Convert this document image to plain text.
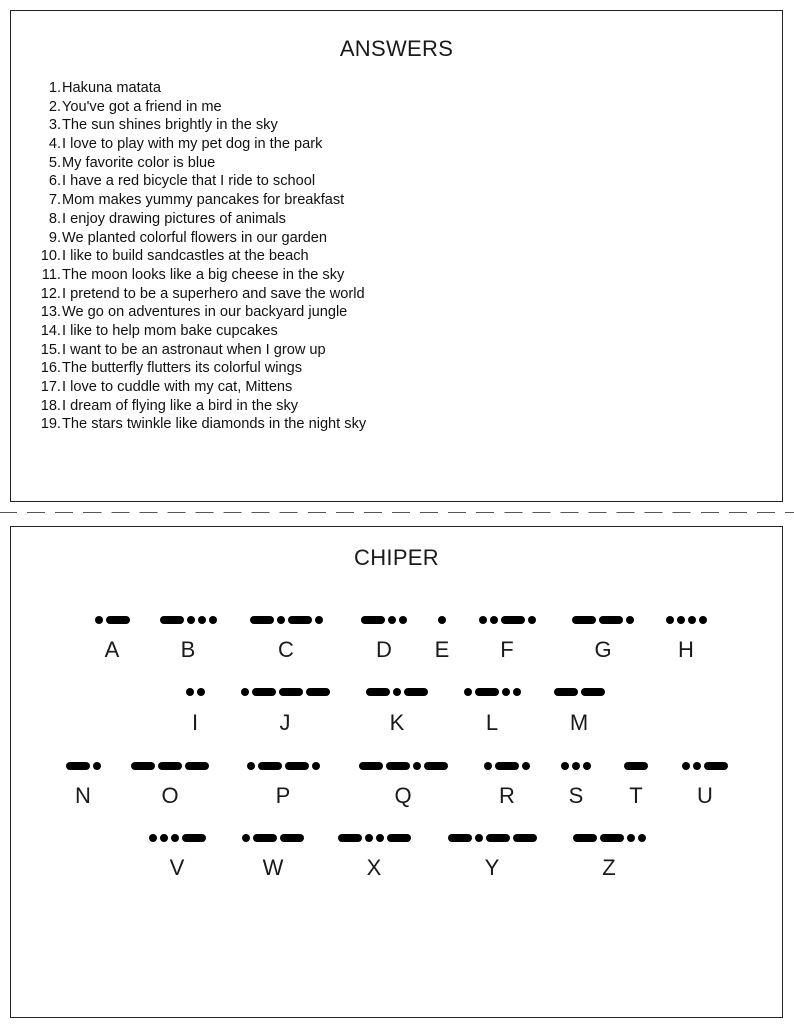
ANSWERS
1. Hakuna matata
2. You've got a friend in me
3. The sun shines brightly in the sky
4. I love to play with my pet dog in the park
5. My favorite color is blue
6. I have a red bicycle that I ride to school
7. Mom makes yummy pancakes for breakfast
8. I enjoy drawing pictures of animals
9. We planted colorful flowers in our garden
10. I like to build sandcastles at the beach
11. The moon looks like a big cheese in the sky
12. I pretend to be a superhero and save the world
13. We go on adventures in our backyard jungle
14. I like to help mom bake cupcakes
15. I want to be an astronaut when I grow up
16. The butterfly flutters its colorful wings
17. I love to cuddle with my cat, Mittens
18. I dream of flying like a bird in the sky
19. The stars twinkle like diamonds in the night sky
CHIPER
A	B	C	D	E	F	G	H
I	J	K	L	M
N	O	P	Q	R	S	T	U
V	W	X	Y	Z
